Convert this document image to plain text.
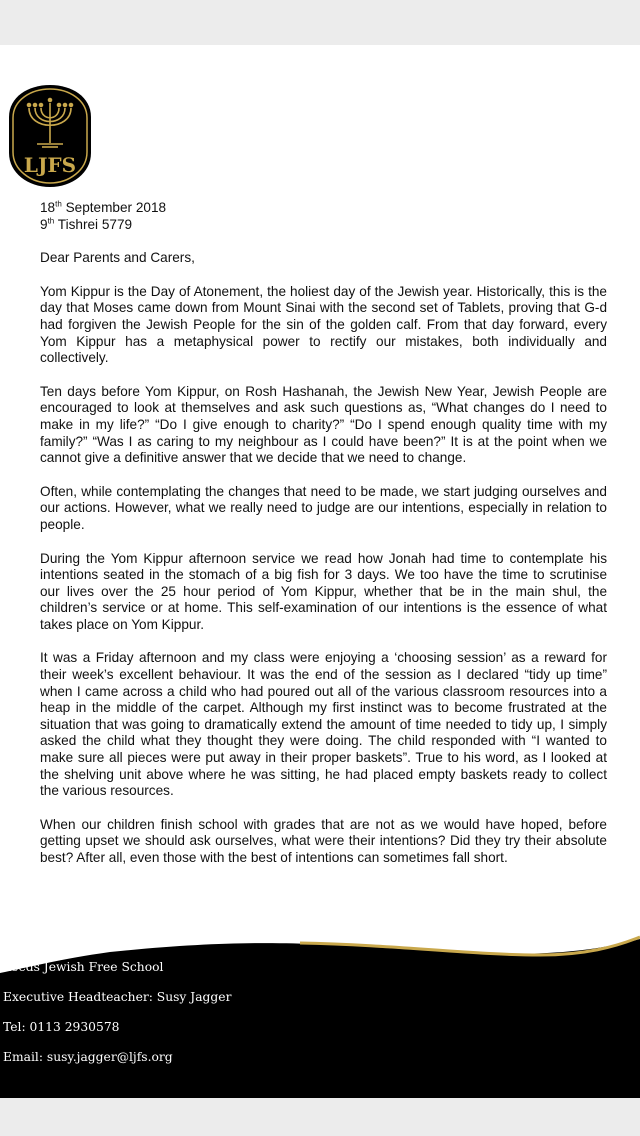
LJFS

18th September 2018

9th Tishrei 5779

Dear Parents and Carers,

Yom Kippur is the Day of Atonement, the holiest day of the Jewish year. Historically, this is the day that Moses came down from Mount Sinai with the second set of Tablets, proving that G-d had forgiven the Jewish People for the sin of the golden calf. From that day forward, every Yom Kippur has a metaphysical power to rectify our mistakes, both individually and collectively.

Ten days before Yom Kippur, on Rosh Hashanah, the Jewish New Year, Jewish People are encouraged to look at themselves and ask such questions as, “What changes do I need to make in my life?” “Do I give enough to charity?” “Do I spend enough quality time with my family?” “Was I as caring to my neighbour as I could have been?” It is at the point when we cannot give a definitive answer that we decide that we need to change.

Often, while contemplating the changes that need to be made, we start judging ourselves and our actions. However, what we really need to judge are our intentions, especially in relation to people.

During the Yom Kippur afternoon service we read how Jonah had time to contemplate his intentions seated in the stomach of a big fish for 3 days. We too have the time to scrutinise our lives over the 25 hour period of Yom Kippur, whether that be in the main shul, the children’s service or at home. This self-examination of our intentions is the essence of what takes place on Yom Kippur.

It was a Friday afternoon and my class were enjoying a ‘choosing session’ as a reward for their week’s excellent behaviour. It was the end of the session as I declared “tidy up time” when I came across a child who had poured out all of the various classroom resources into a heap in the middle of the carpet. Although my first instinct was to become frustrated at the situation that was going to dramatically extend the amount of time needed to tidy up, I simply asked the child what they thought they were doing. The child responded with “I wanted to make sure all pieces were put away in their proper baskets”. True to his word, as I looked at the shelving unit above where he was sitting, he had placed empty baskets ready to collect the various resources.

When our children finish school with grades that are not as we would have hoped, before getting upset we should ask ourselves, what were their intentions? Did they try their absolute best? After all, even those with the best of intentions can sometimes fall short.

Leeds Jewish Free School
Executive Headteacher: Susy Jagger
Tel: 0113 2930578
Email: susy.jagger@ljfs.org
